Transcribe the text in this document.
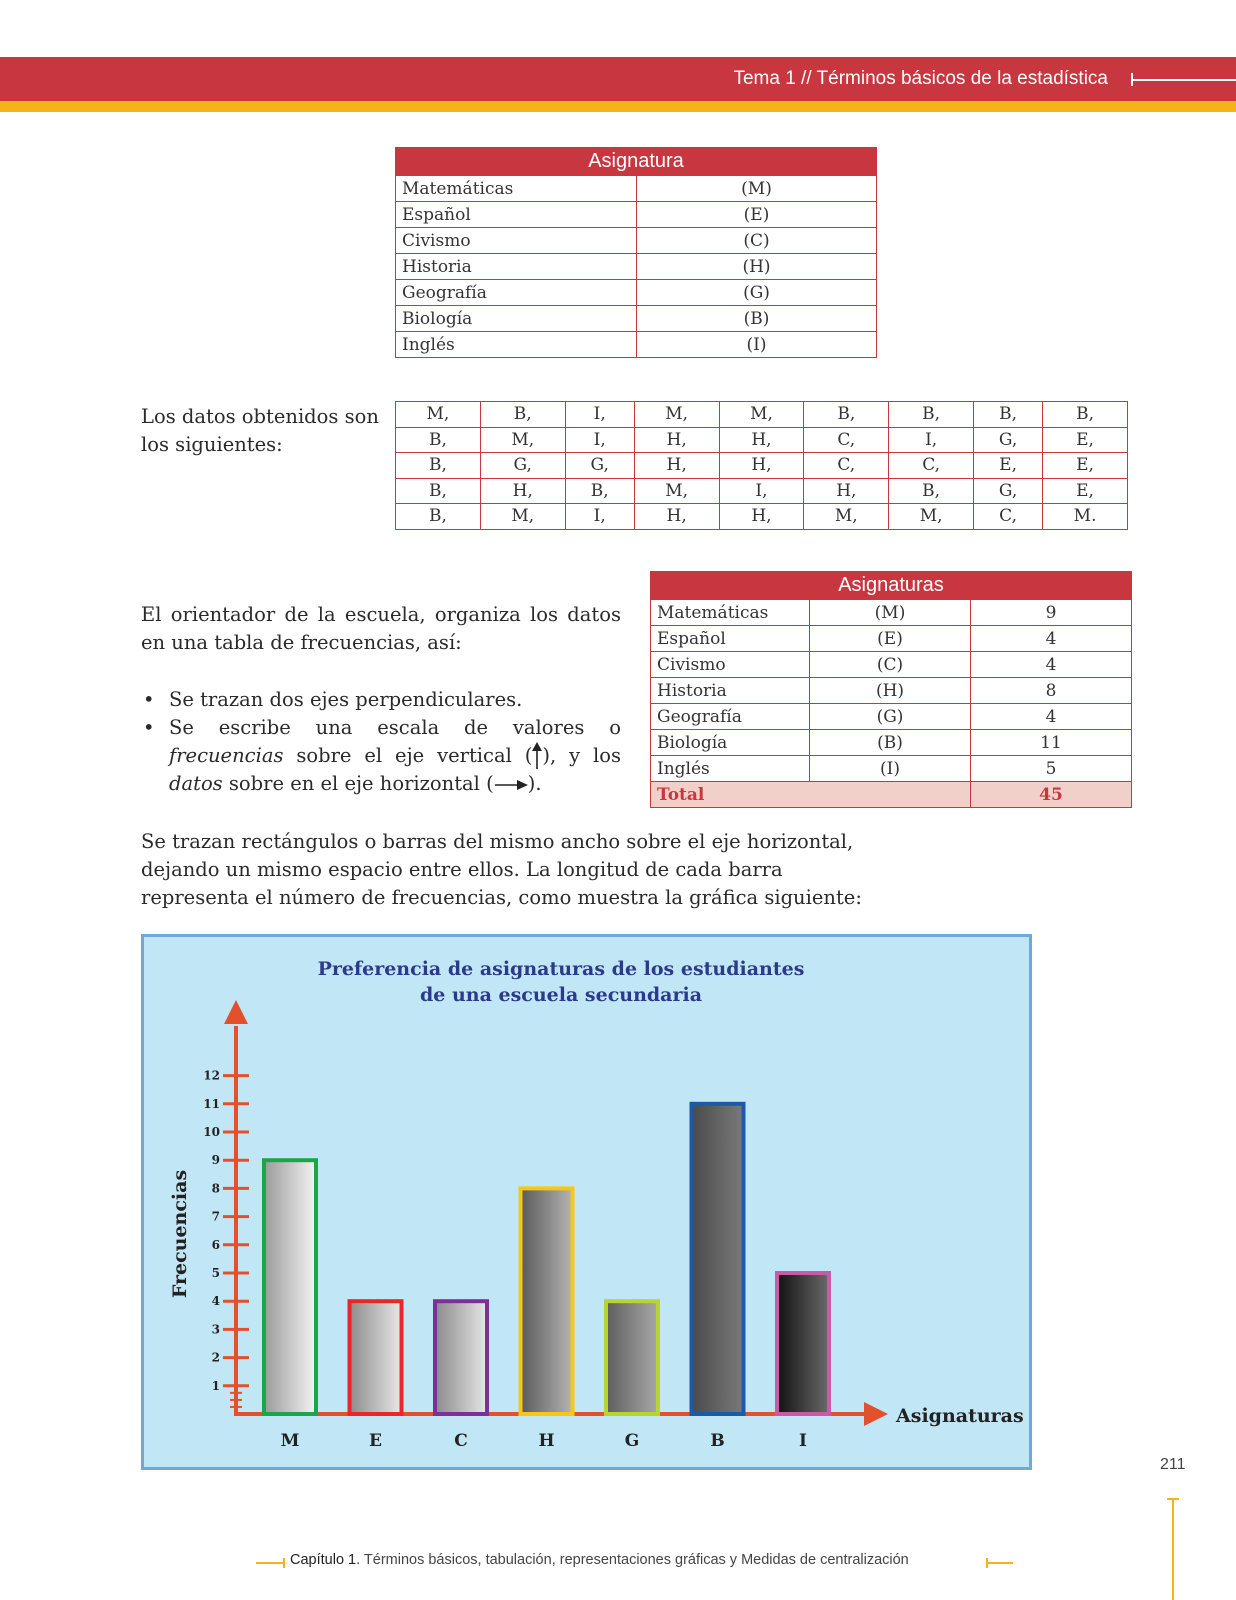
Tema 1 // Términos básicos de la estadística
Asignatura	
Matemáticas	(M)
Español	(E)
Civismo	(C)
Historia	(H)
Geografía	(G)
Biología	(B)
Inglés	(I)
Los datos obtenidos son los siguientes:
M,	B,	I,	M,	M,	B,	B,	B,	B,
B,	M,	I,	H,	H,	C,	I,	G,	E,
B,	G,	G,	H,	H,	C,	C,	E,	E,
B,	H,	B,	M,	I,	H,	B,	G,	E,
B,	M,	I,	H,	H,	M,	M,	C,	M.
El orientador de la escuela, organiza los datos en una tabla de frecuencias, así:
• Se trazan dos ejes perpendiculares.
• Se escribe una escala de valores o frecuencias sobre el eje vertical ( ), y los datos sobre en el eje horizontal ( ).
Asignaturas		
Matemáticas	(M)	9
Español	(E)	4
Civismo	(C)	4
Historia	(H)	8
Geografía	(G)	4
Biología	(B)	11
Inglés	(I)	5
Total		45
Se trazan rectángulos o barras del mismo ancho sobre el eje horizontal, dejando un mismo espacio entre ellos. La longitud de cada barra representa el número de frecuencias, como muestra la gráfica siguiente:
1
2
3
4
5
6
7
8
9
10
11
12
M	E	C	H	G	B	I
Asignaturas
Frecuencias
Preferencia de asignaturas de los estudiantes
de una escuela secundaria
211
Capítulo 1. Términos básicos, tabulación, representaciones gráficas y Medidas de centralización
